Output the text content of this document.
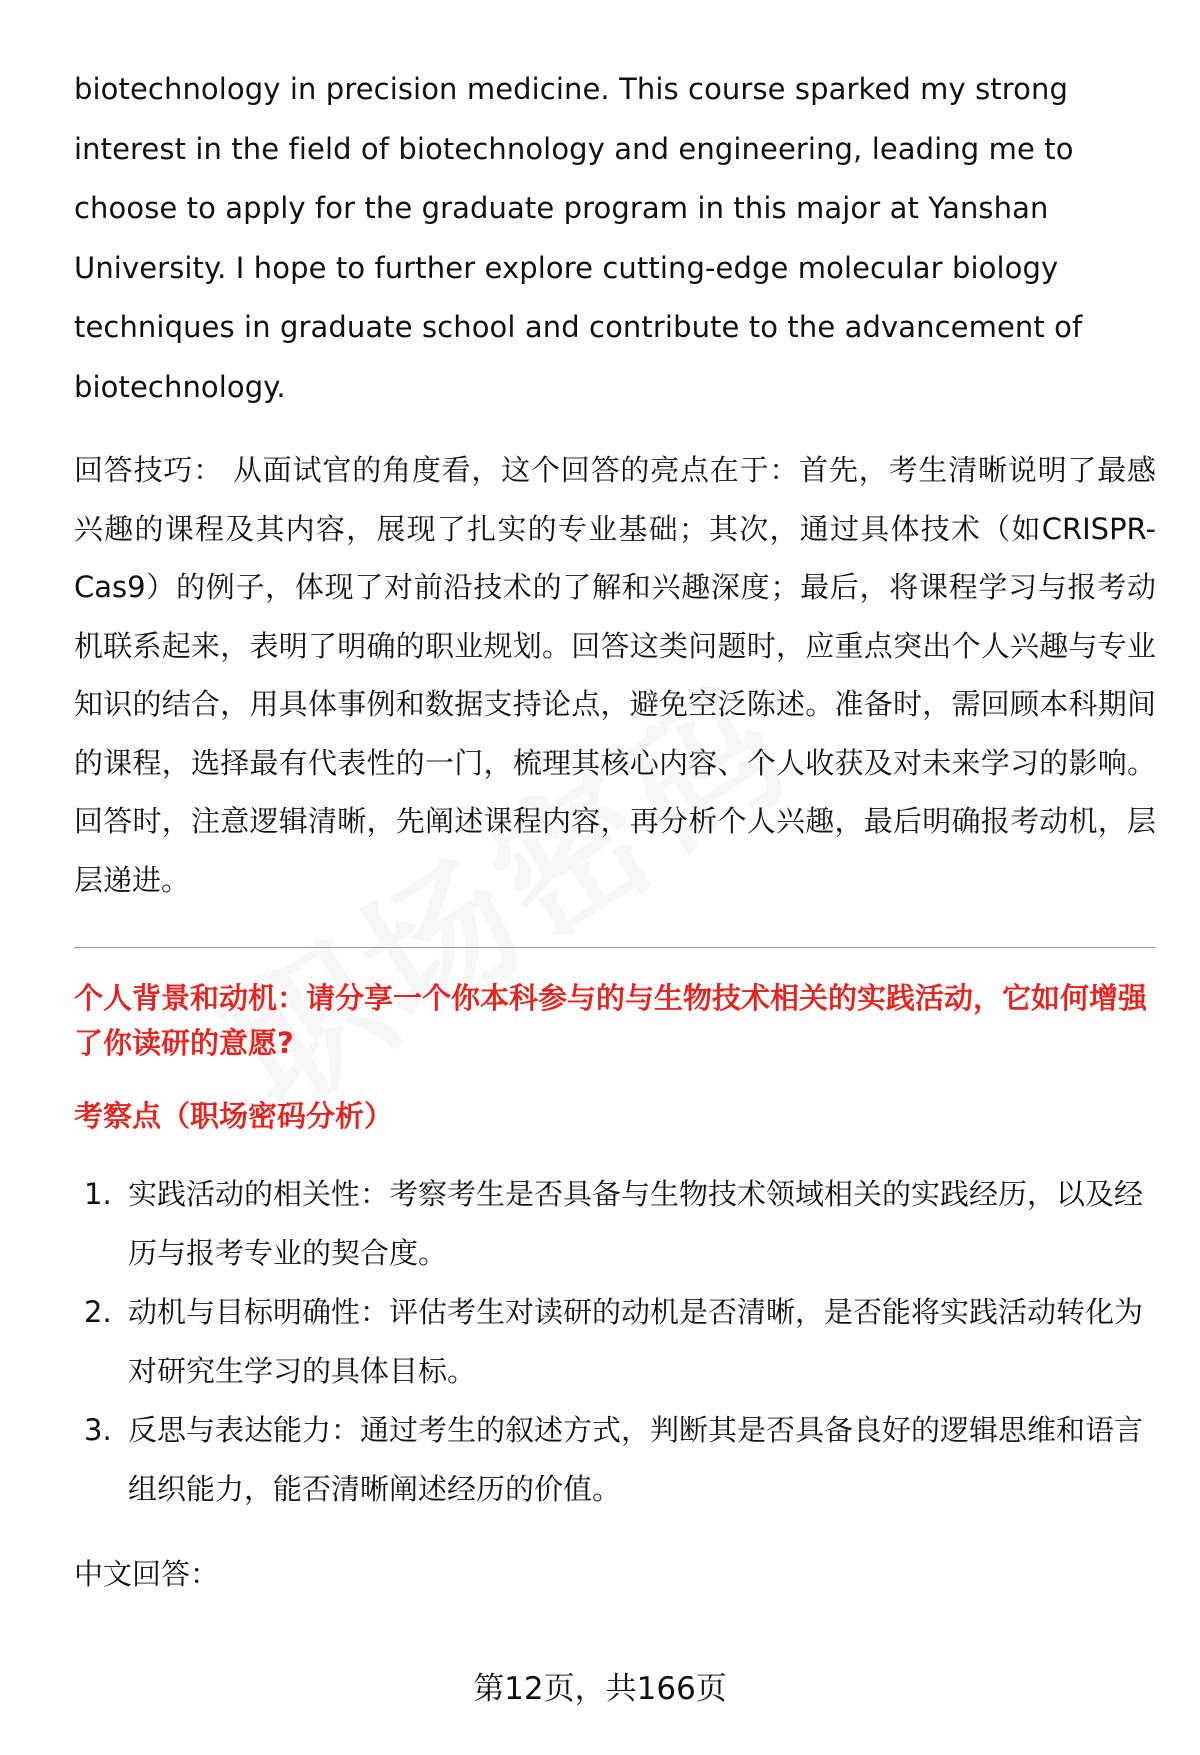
biotechnology in precision medicine. This course sparked my strong interest in the field of biotechnology and engineering, leading me to choose to apply for the graduate program in this major at Yanshan University. I hope to further explore cutting-edge molecular biology techniques in graduate school and contribute to the advancement of biotechnology.

回答技巧： 从面试官的角度看，这个回答的亮点在于：首先，考生清晰说明了最感兴趣的课程及其内容，展现了扎实的专业基础；其次，通过具体技术（如CRISPR-Cas9）的例子，体现了对前沿技术的了解和兴趣深度；最后，将课程学习与报考动机联系起来，表明了明确的职业规划。回答这类问题时，应重点突出个人兴趣与专业知识的结合，用具体事例和数据支持论点，避免空泛陈述。准备时，需回顾本科期间的课程，选择最有代表性的一门，梳理其核心内容、个人收获及对未来学习的影响。回答时，注意逻辑清晰，先阐述课程内容，再分析个人兴趣，最后明确报考动机，层层递进。

个人背景和动机：请分享一个你本科参与的与生物技术相关的实践活动，它如何增强了你读研的意愿?

考察点（职场密码分析）

1. 实践活动的相关性：考察考生是否具备与生物技术领域相关的实践经历，以及经历与报考专业的契合度。
2. 动机与目标明确性：评估考生对读研的动机是否清晰，是否能将实践活动转化为对研究生学习的具体目标。
3. 反思与表达能力：通过考生的叙述方式，判断其是否具备良好的逻辑思维和语言组织能力，能否清晰阐述经历的价值。

中文回答：

第12页，共166页
